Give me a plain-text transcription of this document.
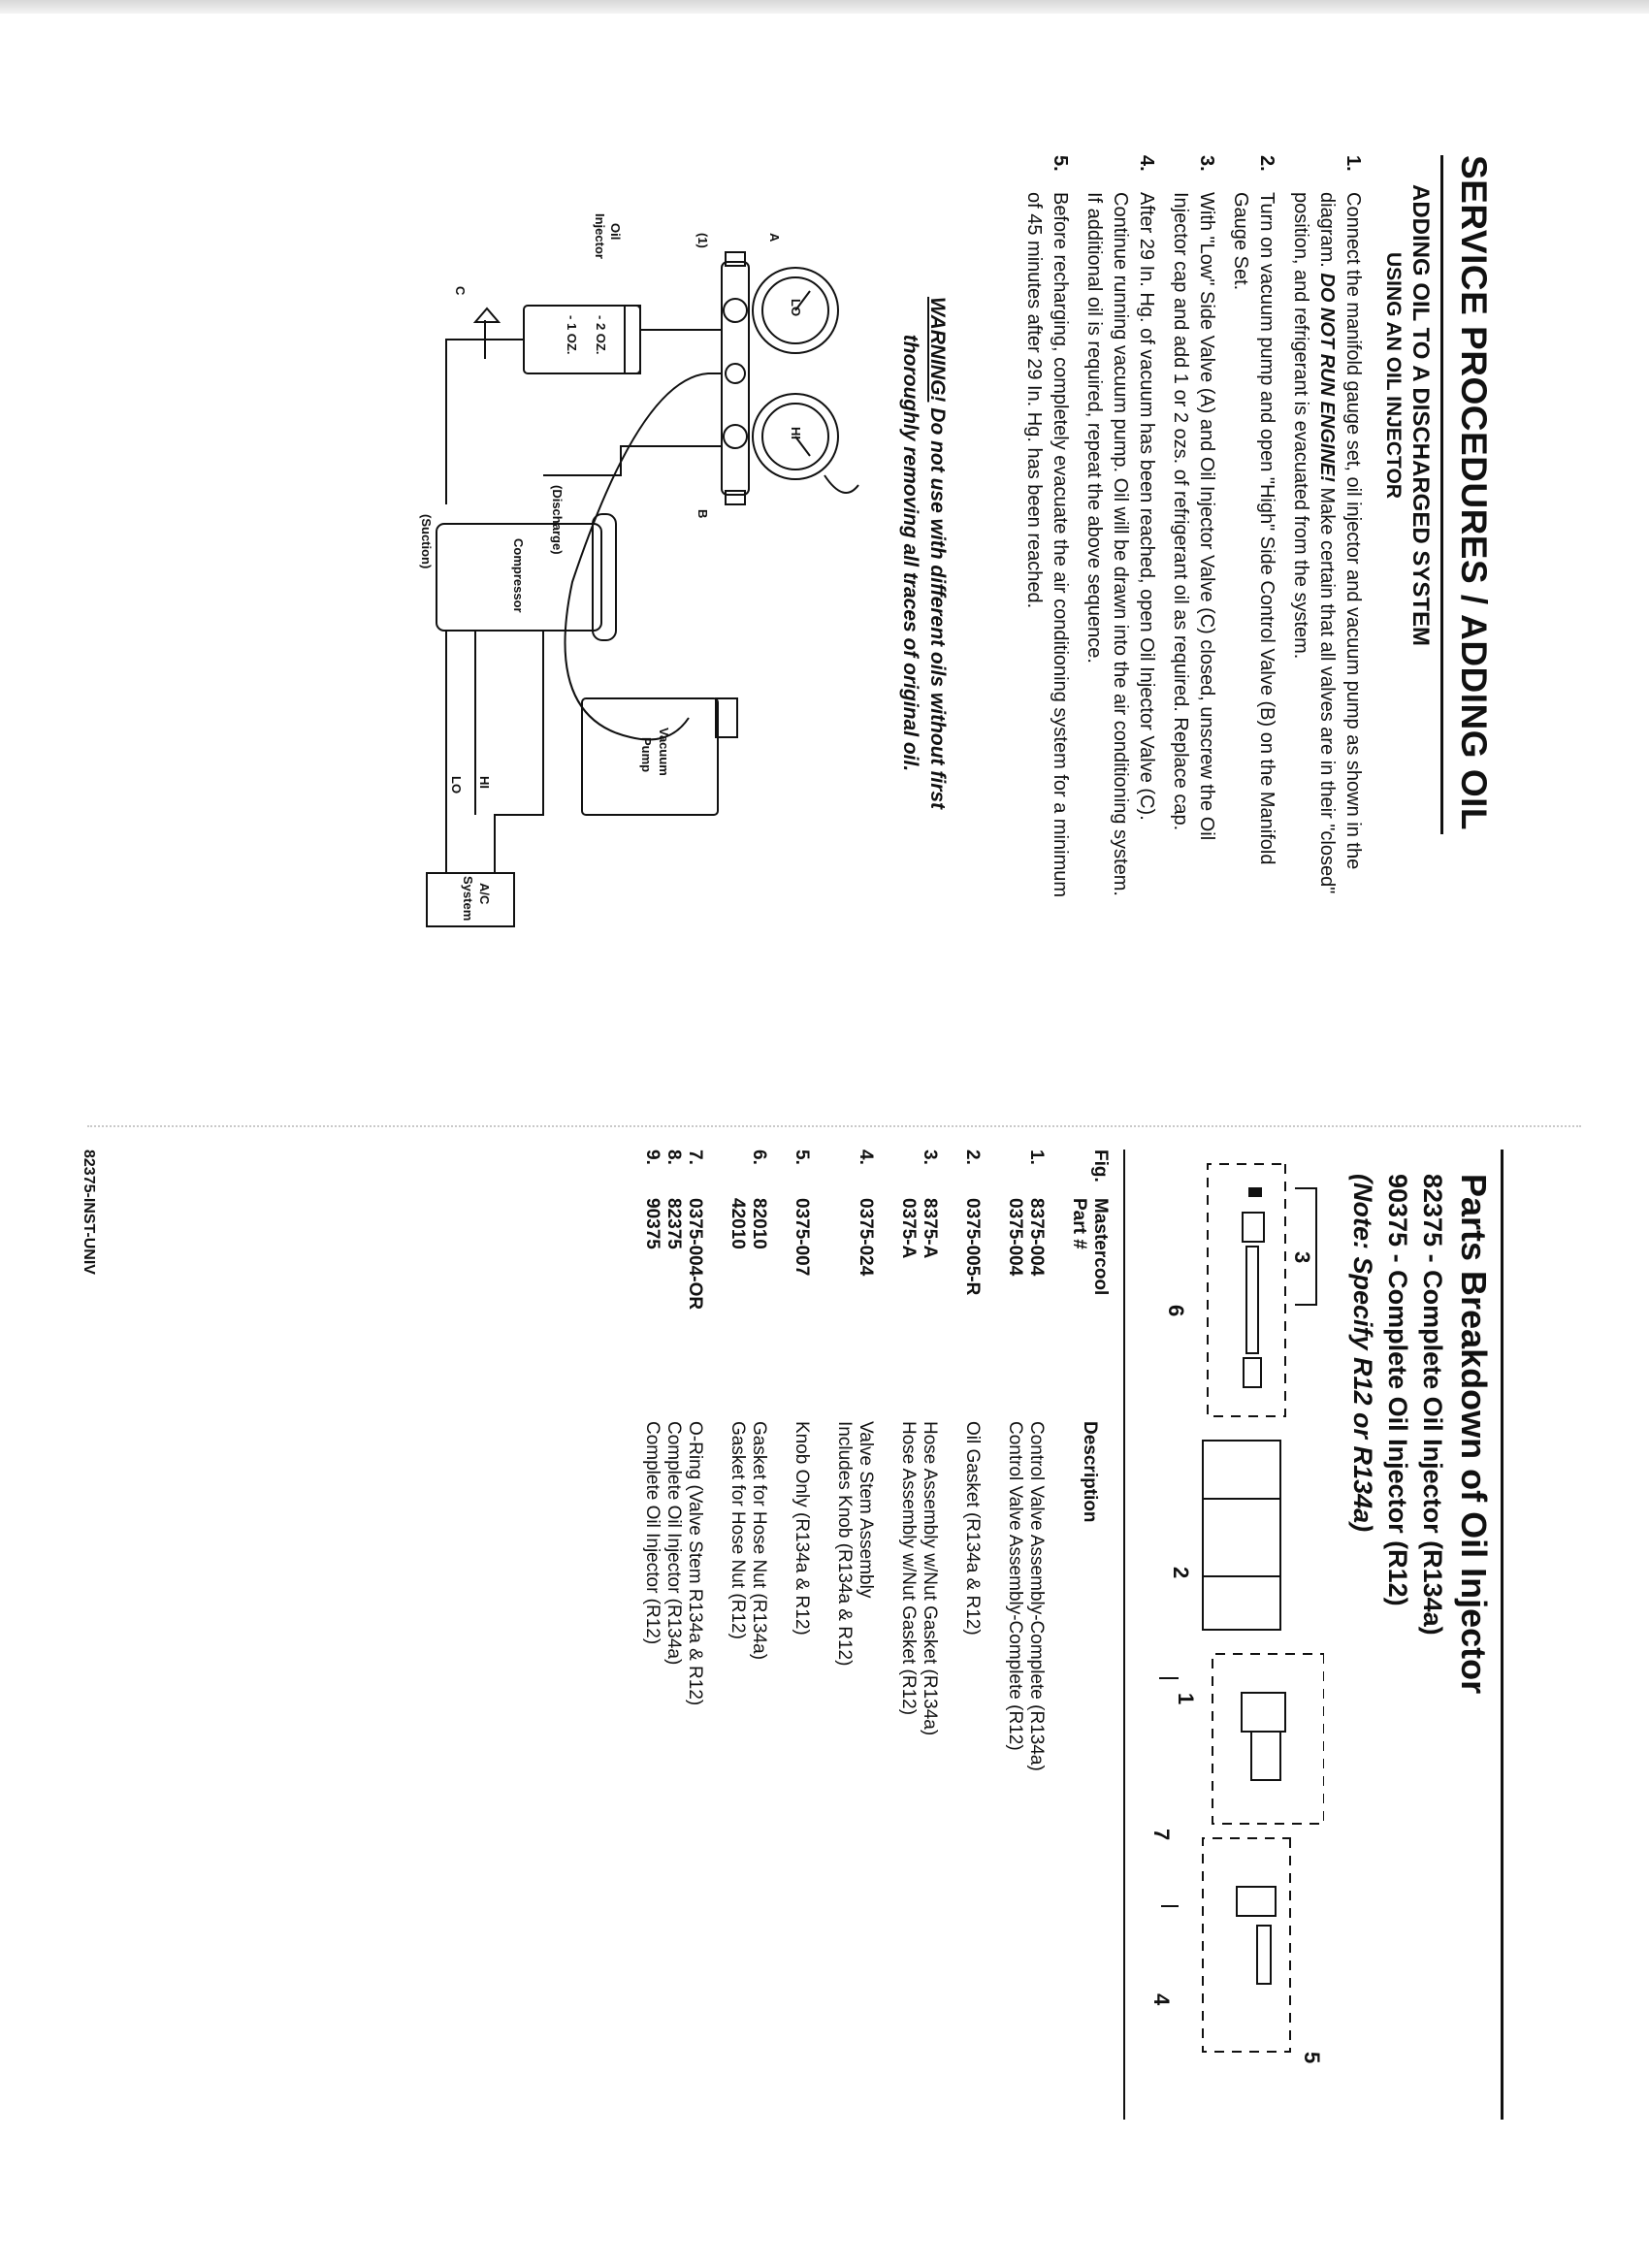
SERVICE PROCEDURES / ADDING OIL
ADDING OIL TO A DISCHARGED SYSTEM
USING AN OIL INJECTOR
1.
Connect the manifold gauge set, oil injector and vacuum pump as shown in the diagram. DO NOT RUN ENGINE! Make certain that all valves are in their "closed" position, and refrigerant is evacuated from the system.
2.
Turn on vacuum pump and open "High" Side Control Valve (B) on the Manifold Gauge Set.
3.
With "Low" Side Valve (A) and Oil Injector Valve (C) closed, unscrew the Oil Injector cap and add 1 or 2 ozs. of refrigerant oil as required. Replace cap.
4.
After 29 In. Hg. of vacuum has been reached, open Oil Injector Valve (C). Continue running vacuum pump. Oil will be drawn into the air conditioning system. If additional oil is required, repeat the above sequence.
5.
Before recharging, completely evacuate the air conditioning system for a minimum of 45 minutes after 29 In. Hg. has been reached.
WARNING! Do not use with different oils without first
thoroughly removing all traces of original oil.
LO
HI
A
B
C
(1)
Oil
Injector
- 2 OZ.
- 1 OZ.
Compressor
(Discharge)
(Suction)
HI
LO
Vacuum
Pump
A/C
System
Parts Breakdown of Oil Injector
82375 - Complete Oil Injector (R134a)
90375 - Complete Oil Injector (R12)
(Note: Specify R12 or R134a)
1
2
3
4
5
6
7
Fig.	Mastercool
Part #	Description

1.	8375-004	Control Valve Assembly-Complete (R134a)
	0375-004	Control Valve Assembly-Complete (R12)

2.	0375-005-R	Oil Gasket (R134a & R12)

3.	8375-A	Hose Assembly w/Nut Gasket (R134a)
	0375-A	Hose Assembly w/Nut Gasket (R12)

4.	0375-024	Valve Stem Assembly
		Includes Knob (R134a & R12)

5.	0375-007	Knob Only (R134a & R12)

6.	82010	Gasket for Hose Nut (R134a)
	42010	Gasket for Hose Nut (R12)

7.	0375-004-OR	O-Ring (Valve Stem R134a & R12)
8.	82375	Complete Oil Injector (R134a)
9.	90375	Complete Oil Injector (R12)
82375-INST-UNIV
